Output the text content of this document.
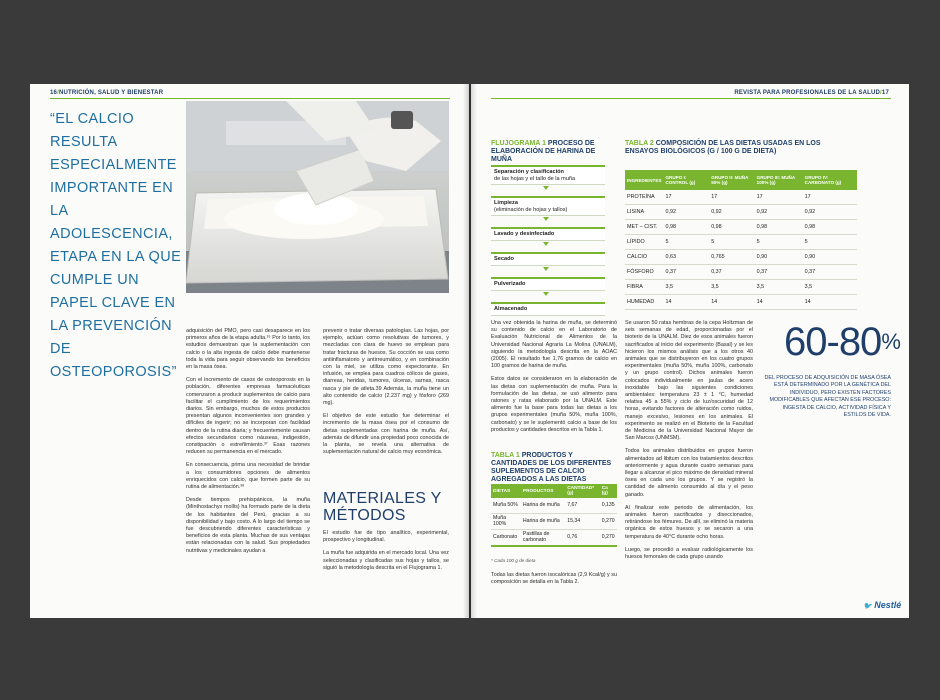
16/NUTRICIÓN, SALUD Y BIENESTAR
“EL CALCIO RESULTA ESPECIALMENTE IMPORTANTE EN LA ADOLESCENCIA, ETAPA EN LA QUE CUMPLE UN PAPEL CLAVE EN LA PREVENCIÓN DE OSTEOPOROSIS”

adquisición del PMO, pero casi desaparece en los primeros años de la etapa adulta.¹⁶ Por lo tanto, los estudios demuestran que la suplementación con calcio o la alta ingesta de calcio debe mantenerse toda la vida para seguir observando los beneficios en la masa ósea.

Con el incremento de casos de osteoporosis en la población, diferentes empresas farmacéuticas comenzaron a producir suplementos de calcio para facilitar el cumplimiento de los requerimientos diarios. Sin embargo, muchos de estos productos presentan algunos inconvenientes son grandes y difíciles de ingerir; no se incorporan con facilidad dentro de la rutina diaria; y frecuentemente causan efectos secundarios como náuseas, indigestión, constipación o estreñimiento.³⁷ Esas razones reducen su permanencia en el mercado.

En consecuencia, prima una necesidad de brindar a los consumidores opciones de alimentos enriquecidos con calcio, que formen parte de su rutina de alimentación.³⁸

Desde tiempos prehispánicos, la muña (Minthostachys mollis) ha formado parte de la dieta de los habitantes del Perú, gracias a su disponibilidad y bajo costo. A lo largo del tiempo se fue descubriendo diferentes características y beneficios de esta planta. Muchas de sus ventajas están relacionadas con la salud. Sus propiedades nutritivas y medicinales ayudan a

prevenir o tratar diversas patologías. Las hojas, por ejemplo, actúan como resolutivas de tumores, y mezcladas con clara de huevo se emplean para tratar fracturas de huesos. Su cocción se usa como antiinflamatorio y antirreumático, y en combinación con la miel, se utiliza como expectorante. En infusión, se emplea para cuadros cólicos de gases, diarreas, heridas, tumores, úlceras, sarnas, rasca rasca y pie de atleta.39 Además, la muña tiene un alto contenido de calcio (2.237 mg) y fósforo (269 mg).

El objetivo de este estudio fue determinar el incremento de la masa ósea por el consumo de dietas suplementadas con harina de muña. Así, además de difundir una propiedad poco conocida de la planta, se revela una alternativa de suplementación natural de calcio muy económica.

MATERIALES Y MÉTODOS

El estudio fue de tipo analítico, experimental, prospectivo y longitudinal.

La muña fue adquirida en el mercado local. Una vez seleccionadas y clasificadas sus hojas y tallos, se siguió la metodología descrita en el Flujograma 1.

REVISTA PARA PROFESIONALES DE LA SALUD/17
FLUJOGRAMA 1 PROCESO DE ELABORACIÓN DE HARINA DE MUÑA
Separación y clasificación
de las hojas y el tallo de la muña
Limpieza
(eliminación de hojas y tallos)
Lavado y desinfectado
Secado
Pulverizado
Almacenado
TABLA 2 COMPOSICIÓN DE LAS DIETAS USADAS EN LOS ENSAYOS BIOLÓGICOS (G / 100 G DE DIETA)
INGREDIENTES	GRUPO I: CONTROL (g)	GRUPO II: MUÑA 50% (g)	GRUPO III: MUÑA 100% (g)	GRUPO IV: CARBONATO (g)
PROTEÍNA	17	17	17	17
LISINA	0,92	0,92	0,92	0,92
MET – CIST.	0,98	0,98	0,98	0,98
LÍPIDO	5	5	5	5
CALCIO	0,63	0,765	0,90	0,90
FÓSFORO	0,37	0,37	0,37	0,37
FIBRA	3,5	3,5	3,5	3,5
HUMEDAD	14	14	14	14

Una vez obtenida la harina de muña, se determinó su contenido de calcio en el Laboratorio de Evaluación Nutricional de Alimentos de la Universidad Nacional Agraria La Molina (UNALM), siguiendo la metodología descrita en la AOAC (2005). El resultado fue 1,76 gramos de calcio en 100 gramos de harina de muña.

Estos datos se consideraron en la elaboración de las dietas con suplementación de muña. Para la formulación de las dietas, se usó alimento para ratones y ratas elaborado por la UNALM. Este alimento fue la base para todas las dietas a los grupos experimentales (muña 50%, muña 100%, carbonato) y se le suplementó calcio a base de los productos y cantidades descritos en la Tabla 1.

TABLA 1 PRODUCTOS Y CANTIDADES DE LOS DIFERENTES SUPLEMENTOS DE CALCIO AGREGADOS A LAS DIETAS
DIETAS	PRODUCTOS	CANTIDAD* (g)	Ca (g)
Muña 50%	Harina de muña	7,67	0,135
Muña 100%	Harina de muña	15,34	0,270
Carbonato	Pastillas de carbonato	0,76	0,270
* Cada 100 g de dieta

Todas las dietas fueron isocalóricas (2,9 Kcal/g) y su composición se detalla en la Tabla 2.

Se usaron 50 ratas hembras de la cepa Holtzman de seis semanas de edad, proporcionadas por el bioterio de la UNALM. Diez de esos animales fueron sacrificados al inicio del experimento (Basal) y se les hicieron los mismos análisis que a los otros 40 animales que se distribuyeron en los cuatro grupos experimentales (muña 50%, muña 100%, carbonato y un grupo control). Dichos animales fueron colocados individualmente en jaulas de acero inoxidable bajo las siguientes condiciones ambientales: temperatura 23 ± 1 °C, humedad relativa 45 a 55% y ciclo de luz/oscuridad de 12 horas, evitando factores de alteración como ruidos, manejo excesivo, lesiones en los animales. El experimento se realizó en el Bioterio de la Facultad de Medicina de la Universidad Nacional Mayor de San Marcos (UNMSM).

Todos los animales distribuidos en grupos fueron alimentados ad libitum con los tratamientos descritos anteriormente y agua durante cuatro semanas para llegar a alcanzar el pico máximo de densidad mineral ósea en cada uno los grupos. Y se registró la cantidad de alimento consumido al día y el peso ganado.

Al finalizar este periodo de alimentación, los animales fueron sacrificados y diseccionados, retirándose los fémures. De allí, se eliminó la materia orgánica de estos huesos y se secaron a una temperatura de 40°C durante ocho horas.

Luego, se procedió a evaluar radiológicamente los huesos femorales de cada grupo usando

60-80%
DEL PROCESO DE ADQUISICIÓN DE MASA ÓSEA ESTÁ DETERMINADO POR LA GENÉTICA DEL INDIVIDUO, PERO EXISTEN FACTORES MODIFICABLES QUE AFECTAN ESE PROCESO: INGESTA DE CALCIO, ACTIVIDAD FÍSICA Y ESTILOS DE VIDA.
🐦 Nestlé
